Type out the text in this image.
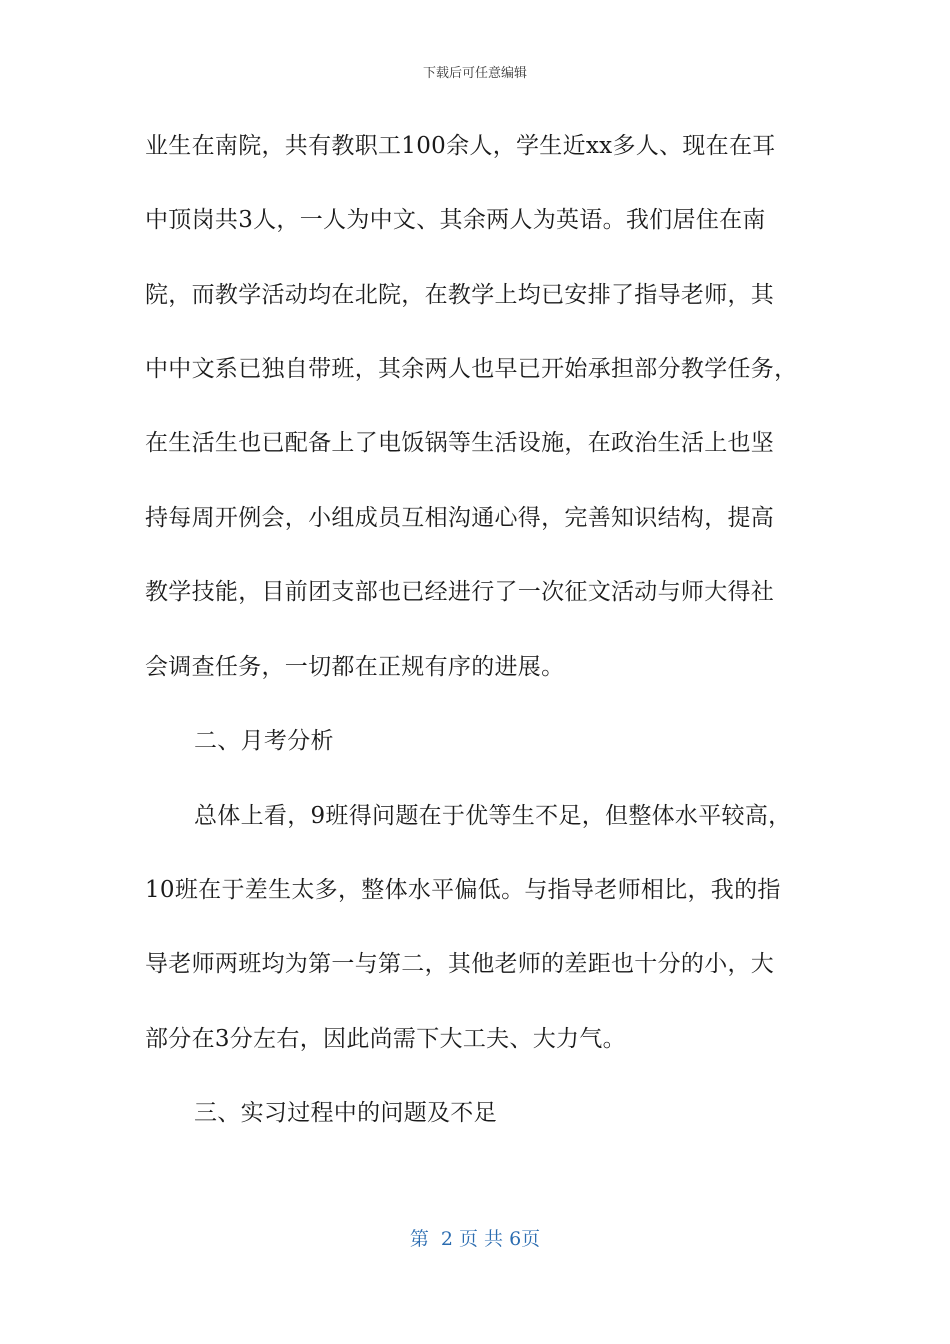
下载后可任意编辑
业生在南院，共有教职工100余人，学生近xx多人、现在在耳
中顶岗共3人，一人为中文、其余两人为英语。我们居住在南
院，而教学活动均在北院，在教学上均已安排了指导老师，其
中中文系已独自带班，其余两人也早已开始承担部分教学任务，
在生活生也已配备上了电饭锅等生活设施，在政治生活上也坚
持每周开例会，小组成员互相沟通心得，完善知识结构，提高
教学技能，目前团支部也已经进行了一次征文活动与师大得社
会调查任务，一切都在正规有序的进展。
二、月考分析
总体上看，9班得问题在于优等生不足，但整体水平较高，
10班在于差生太多，整体水平偏低。与指导老师相比，我的指
导老师两班均为第一与第二，其他老师的差距也十分的小，大
部分在3分左右，因此尚需下大工夫、大力气。
三、实习过程中的问题及不足
第  2 页 共 6页
